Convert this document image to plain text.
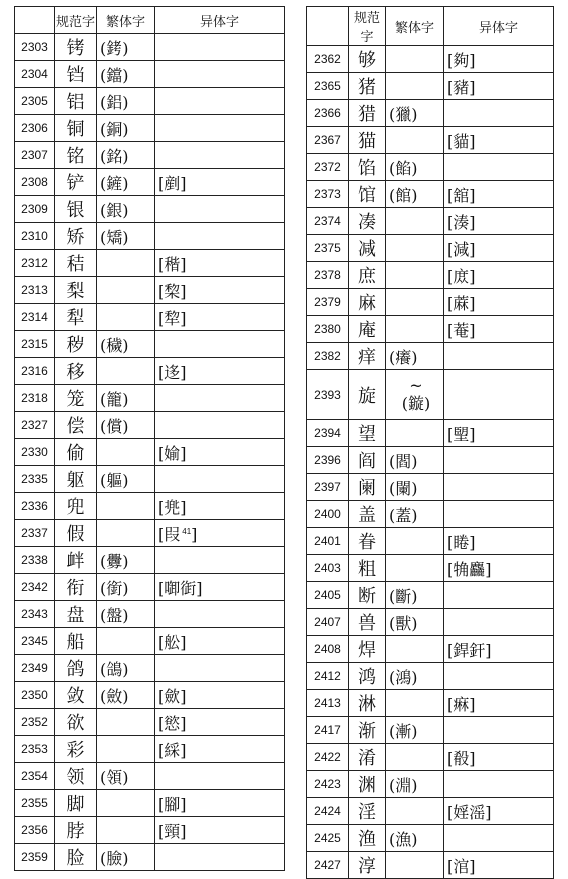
	规范字	繁体字	异体字
2303	铐	(銬)	
2304	铛	(鐺)	
2305	铝	(鋁)	
2306	铜	(銅)	
2307	铭	(銘)	
2308	铲	(鏟)	[剷]
2309	银	(銀)	
2310	矫	(矯)	
2312	秸		[稭]
2313	梨		[棃]
2314	犁		[犂]
2315	秽	(穢)	
2316	移		[迻]
2318	笼	(籠)	
2327	偿	(償)	
2330	偷		[媮]
2335	躯	(軀)	
2336	兜		[兠]
2337	假		[叚 $^{41}$]
2338	衅	(釁)	
2342	衔	(銜)	[啣衘]
2343	盘	(盤)	
2345	船		[舩]
2349	鸽	(鴿)	
2350	敛	(斂)	[歛]
2352	欲		[慾]
2353	彩		[綵]
2354	领	(領)	
2355	脚		[腳]
2356	脖		[頸]
2359	脸	(臉)	
	规范字	繁体字	异体字
2362	够		[夠]
2365	猪		[豬]
2366	猎	(獵)	
2367	猫		[貓]
2372	馅	(餡)	
2373	馆	(館)	[舘]
2374	凑		[湊]
2375	减		[減]
2378	庶		[庻]
2379	麻		[蔴]
2380	庵		[菴]
2382	痒	(癢)	
2393	旋	~
(鏇)	

2394	望		[朢]
2396	阎	(閻)	
2397	阑	(闌)	
2400	盖	(蓋)	
2401	眷		[睠]
2403	粗		[觕麤]
2405	断	(斷)	
2407	兽	(獸)	
2408	焊		[銲釬]
2412	鸿	(鴻)	
2413	淋		[痳]
2417	渐	(漸)	
2422	淆		[殽]
2423	渊	(淵)	
2424	淫		[婬滛]
2425	渔	(漁)	
2427	淳		[涫]
